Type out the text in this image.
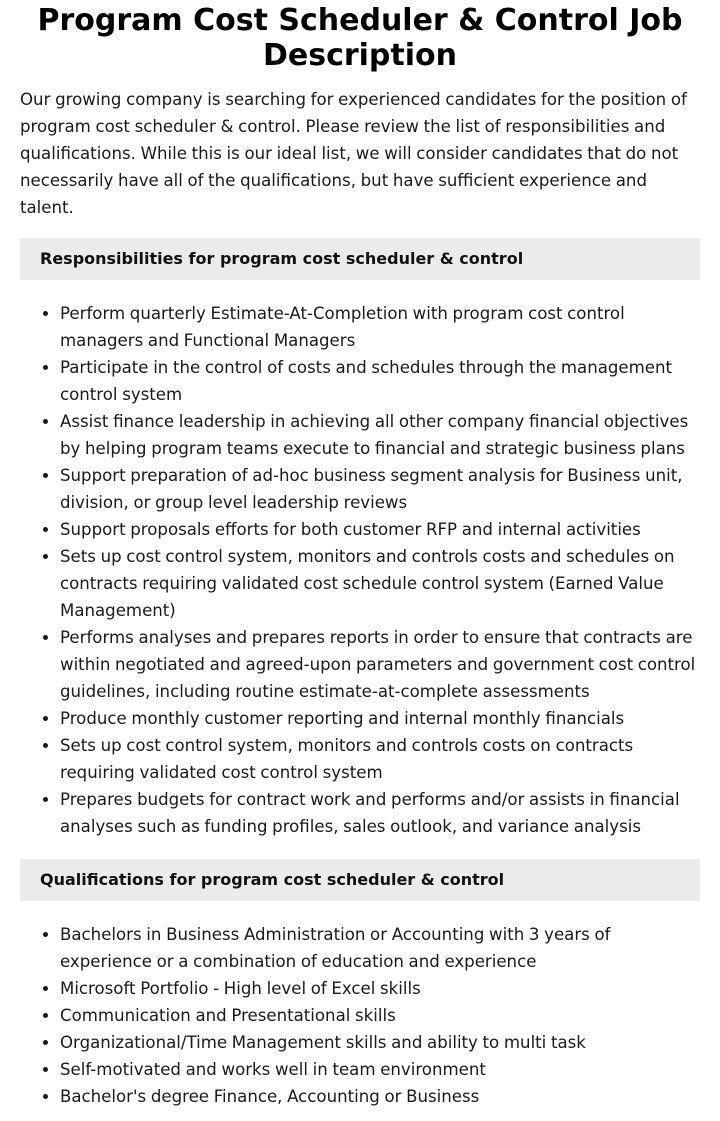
Program Cost Scheduler & Control Job Description

Our growing company is searching for experienced candidates for the position of program cost scheduler & control. Please review the list of responsibilities and qualifications. While this is our ideal list, we will consider candidates that do not necessarily have all of the qualifications, but have sufficient experience and talent.

Responsibilities for program cost scheduler & control
Perform quarterly Estimate-At-Completion with program cost control managers and Functional Managers
Participate in the control of costs and schedules through the management control system
Assist finance leadership in achieving all other company financial objectives by helping program teams execute to financial and strategic business plans
Support preparation of ad-hoc business segment analysis for Business unit, division, or group level leadership reviews
Support proposals efforts for both customer RFP and internal activities
Sets up cost control system, monitors and controls costs and schedules on contracts requiring validated cost schedule control system (Earned Value Management)
Performs analyses and prepares reports in order to ensure that contracts are within negotiated and agreed-upon parameters and government cost control guidelines, including routine estimate-at-complete assessments
Produce monthly customer reporting and internal monthly financials
Sets up cost control system, monitors and controls costs on contracts requiring validated cost control system
Prepares budgets for contract work and performs and/or assists in financial analyses such as funding profiles, sales outlook, and variance analysis
Qualifications for program cost scheduler & control
Bachelors in Business Administration or Accounting with 3 years of experience or a combination of education and experience
Microsoft Portfolio - High level of Excel skills
Communication and Presentational skills
Organizational/Time Management skills and ability to multi task
Self-motivated and works well in team environment
Bachelor's degree Finance, Accounting or Business
